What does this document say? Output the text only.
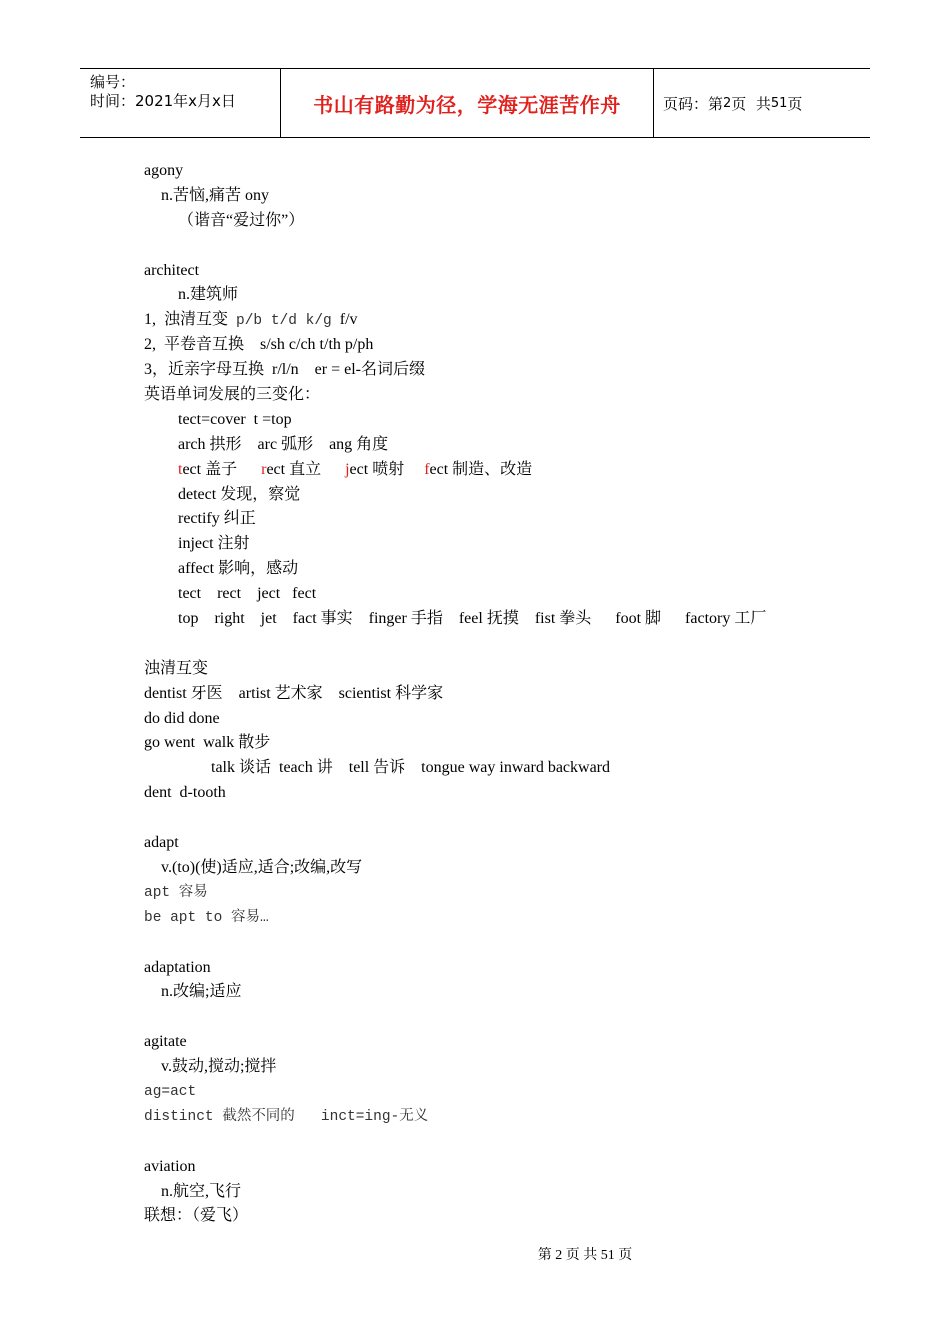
编号：
时间：2021年x月x日	书山有路勤为径，学海无涯苦作舟	页码：第 2 页  共 51 页
agony
n.苦恼,痛苦 ony
（谐音“爱过你”）
architect
n.建筑师
1,  浊清互变  p/b t/d k/g  f/v
2,  平卷音互换    s/sh c/ch t/th p/ph
3，近亲字母互换  r/l/n    er = el-名词后缀
英语单词发展的三变化：
tect=cover  t =top
arch 拱形    arc 弧形    ang 角度
tect 盖子      rect 直立      ject 喷射     fect 制造、改造
detect 发现，察觉
rectify 纠正
inject 注射
affect 影响，感动
tect    rect    ject   fect
top    right    jet    fact 事实    finger 手指    feel 抚摸    fist 拳头      foot 脚      factory 工厂
浊清互变
dentist 牙医    artist 艺术家    scientist 科学家
do did done
go went  walk 散步
talk 谈话  teach 讲    tell 告诉    tongue way inward backward
dent  d-tooth
adapt
v.(to)(使)适应,适合;改编,改写
apt 容易
be apt to 容易…
adaptation
n.改编;适应
agitate
v.鼓动,搅动;搅拌
ag=act
distinct 截然不同的   inct=ing-无义
aviation
n.航空,飞行
联想：（爱飞）
第 2 页 共 51 页
